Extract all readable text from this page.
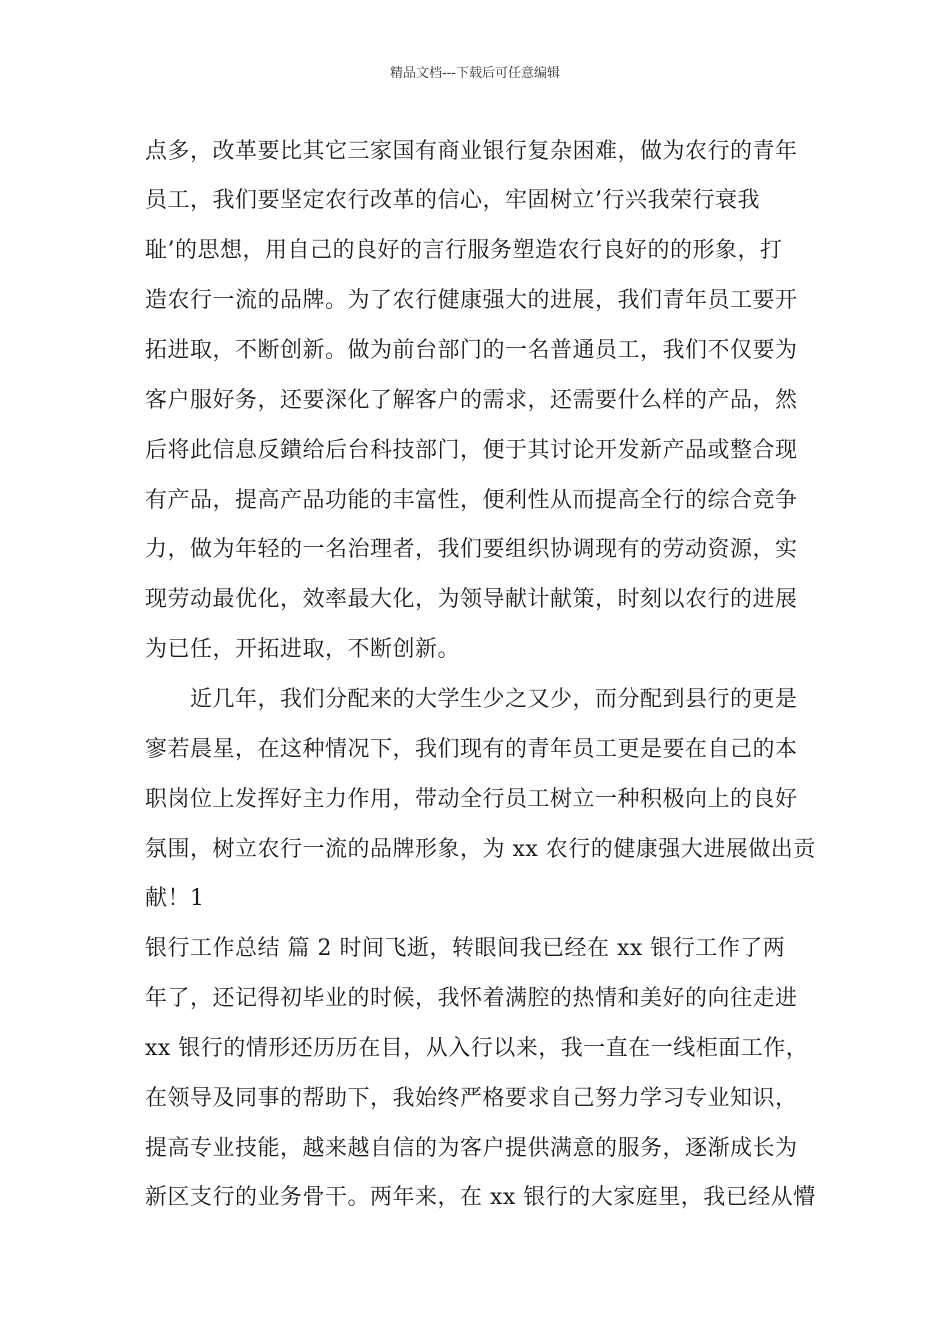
精品文档---下载后可任意编辑
点多，改革要比其它三家国有商业银行复杂困难，做为农行的青年
员工，我们要坚定农行改革的信心，牢固树立’行兴我荣行衰我
耻’的思想，用自己的良好的言行服务塑造农行良好的的形象，打
造农行一流的品牌。为了农行健康强大的进展，我们青年员工要开
拓进取，不断创新。做为前台部门的一名普通员工，我们不仅要为
客户服好务，还要深化了解客户的需求，还需要什么样的产品，然
后将此信息反鐀给后台科技部门，便于其讨论开发新产品或整合现
有产品，提高产品功能的丰富性，便利性从而提高全行的综合竞争
力，做为年轻的一名治理者，我们要组织协调现有的劳动资源，实
现劳动最优化，效率最大化，为领导献计献策，时刻以农行的进展
为已任，开拓进取，不断创新。
近几年，我们分配来的大学生少之又少，而分配到县行的更是
寥若晨星，在这种情况下，我们现有的青年员工更是要在自己的本
职岗位上发挥好主力作用，带动全行员工树立一种积极向上的良好
氛围，树立农行一流的品牌形象，为 xx 农行的健康强大进展做出贡
献！1
银行工作总结 篇 2 时间飞逝，转眼间我已经在 xx 银行工作了两
年了，还记得初毕业的时候，我怀着满腔的热情和美好的向往走进
xx 银行的情形还历历在目，从入行以来，我一直在一线柜面工作，
在领导及同事的帮助下，我始终严格要求自己努力学习专业知识，
提高专业技能，越来越自信的为客户提供满意的服务，逐渐成长为
新区支行的业务骨干。两年来，在 xx 银行的大家庭里，我已经从懵
